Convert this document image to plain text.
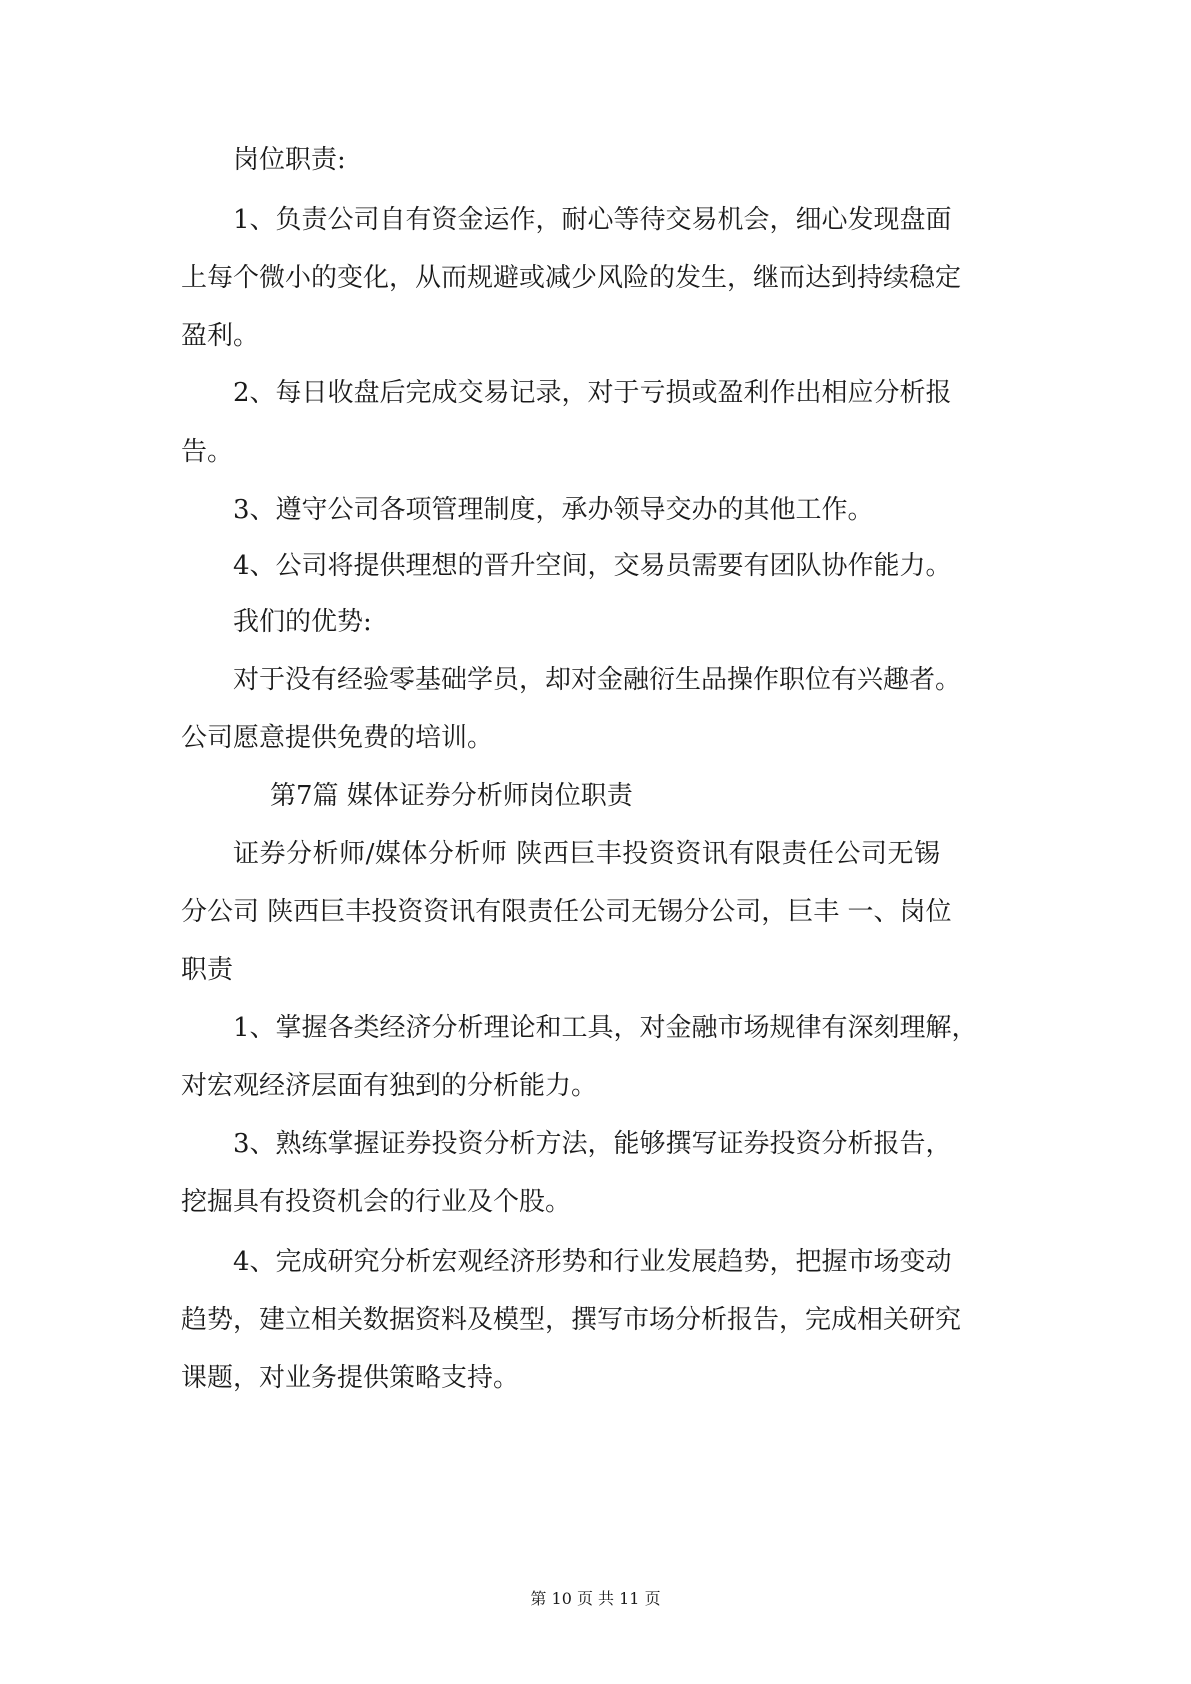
岗位职责:
1、负责公司自有资金运作，耐心等待交易机会，细心发现盘面
上每个微小的变化，从而规避或减少风险的发生，继而达到持续稳定
盈利。
2、每日收盘后完成交易记录，对于亏损或盈利作出相应分析报
告。
3、遵守公司各项管理制度，承办领导交办的其他工作。
4、公司将提供理想的晋升空间，交易员需要有团队协作能力。
我们的优势:
对于没有经验零基础学员，却对金融衍生品操作职位有兴趣者。
公司愿意提供免费的培训。
第7篇 媒体证券分析师岗位职责
证券分析师/媒体分析师 陕西巨丰投资资讯有限责任公司无锡
分公司 陕西巨丰投资资讯有限责任公司无锡分公司，巨丰 一、岗位
职责
1、掌握各类经济分析理论和工具，对金融市场规律有深刻理解，
对宏观经济层面有独到的分析能力。
3、熟练掌握证券投资分析方法，能够撰写证券投资分析报告，
挖掘具有投资机会的行业及个股。
4、完成研究分析宏观经济形势和行业发展趋势，把握市场变动
趋势，建立相关数据资料及模型，撰写市场分析报告，完成相关研究
课题，对业务提供策略支持。
第 10 页 共 11 页
